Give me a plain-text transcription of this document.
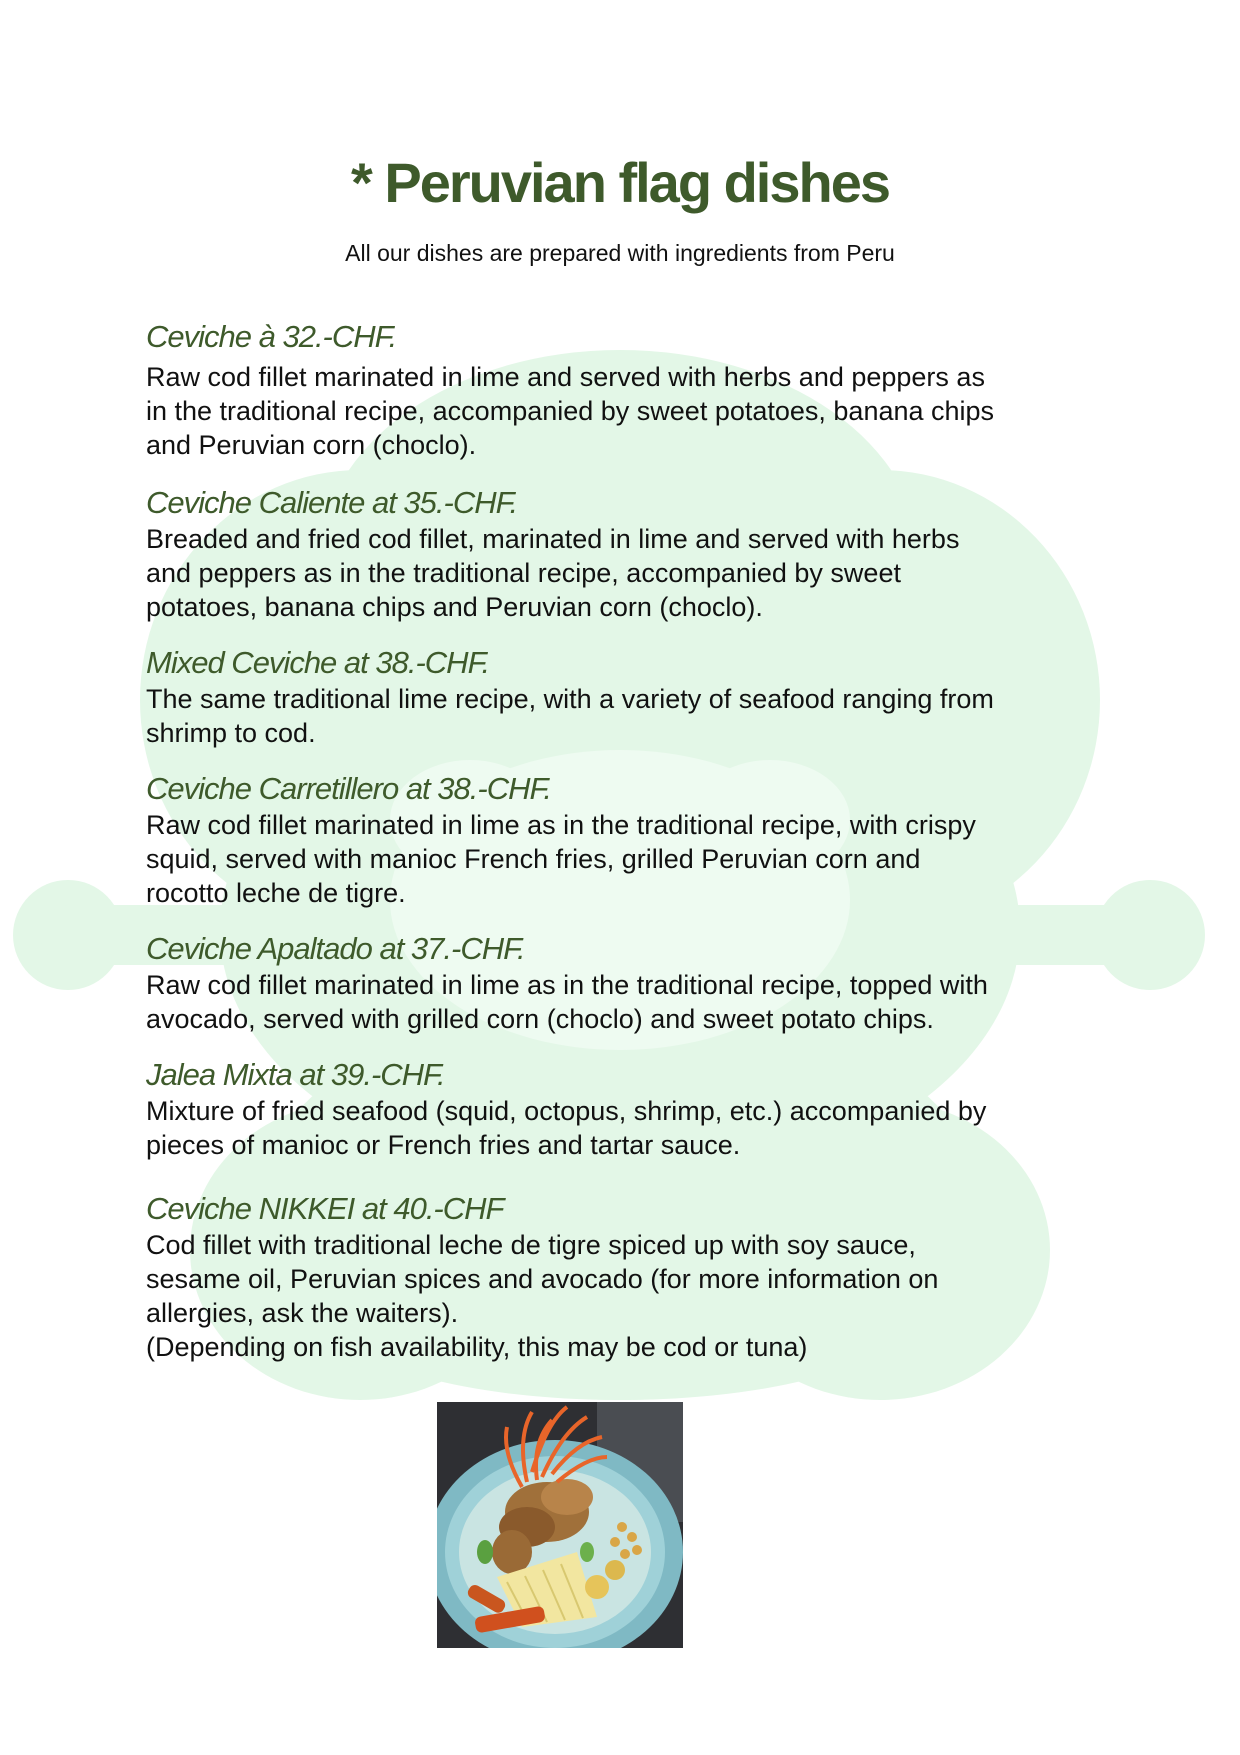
* Peruvian flag dishes

All our dishes are prepared with ingredients from Peru

Ceviche à 32.-CHF.

Raw cod fillet marinated in lime and served with herbs and peppers as
in the traditional recipe, accompanied by sweet potatoes, banana chips
and Peruvian corn (choclo).

Ceviche Caliente at 35.-CHF.

Breaded and fried cod fillet, marinated in lime and served with herbs
and peppers as in the traditional recipe, accompanied by sweet
potatoes, banana chips and Peruvian corn (choclo).

Mixed Ceviche at 38.-CHF.

The same traditional lime recipe, with a variety of seafood ranging from
shrimp to cod.

Ceviche Carretillero at 38.-CHF.

Raw cod fillet marinated in lime as in the traditional recipe, with crispy
squid, served with manioc French fries, grilled Peruvian corn and
rocotto leche de tigre.

Ceviche Apaltado at 37.-CHF.

Raw cod fillet marinated in lime as in the traditional recipe, topped with
avocado, served with grilled corn (choclo) and sweet potato chips.

Jalea Mixta at 39.-CHF.

Mixture of fried seafood (squid, octopus, shrimp, etc.) accompanied by
pieces of manioc or French fries and tartar sauce.

Ceviche NIKKEI at 40.-CHF

Cod fillet with traditional leche de tigre spiced up with soy sauce,
sesame oil, Peruvian spices and avocado (for more information on
allergies, ask the waiters).
(Depending on fish availability, this may be cod or tuna)
